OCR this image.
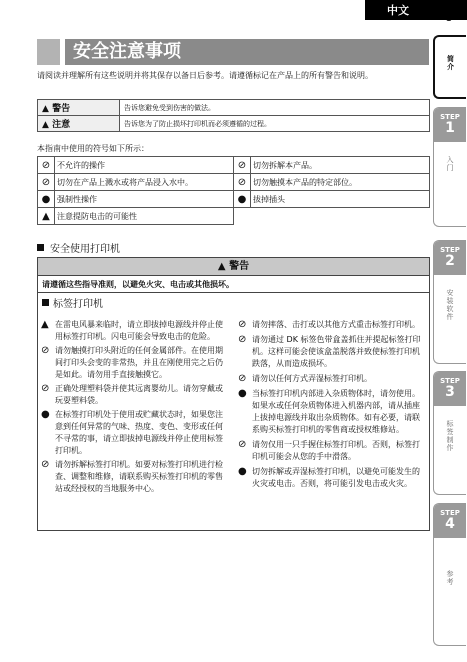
中文
3
简介
STEP
1
入门
STEP
2
安装软件
STEP
3
标签制作
STEP
4
参考
安全注意事项
请阅读并理解所有这些说明并将其保存以备日后参考。请遵循标记在产品上的所有警告和说明。
▲ 警告	告诉您避免受到伤害的做法。
▲ 注意	告诉您为了防止损坏打印机而必须遵循的过程。
本指南中使用的符号如下所示：
⊘	不允许的操作	⊘	切勿拆解本产品。
⊘	切勿在产品上溅水或将产品浸入水中。	⊘	切勿触摸本产品的特定部位。
●	强制性操作	●	拔掉插头
▲	注意提防电击的可能性		
安全使用打印机
▲ 警告
请遵循这些指导准则，以避免火灾、电击或其他损坏。
标签打印机
▲ 在雷电风暴来临时，请立即拔掉电源线并停止使用标签打印机。闪电可能会导致电击的危险。
⊘ 请勿触摸打印头附近的任何金属部件。在使用期间打印头会变的非常热，并且在刚使用完之后仍是如此。请勿用手直接触摸它。
⊘ 正确处理塑料袋并使其远离婴幼儿。请勿穿戴或玩耍塑料袋。
● 在标签打印机处于使用或贮藏状态时，如果您注意到任何异常的气味、热度、变色、变形或任何不寻常的事，请立即拔掉电源线并停止使用标签打印机。
⊘ 请勿拆解标签打印机。如要对标签打印机进行检查、调整和维修，请联系购买标签打印机的零售站或经授权的当地服务中心。
⊘ 请勿摔落、击打或以其他方式重击标签打印机。
⊘ 请勿通过 DK 标签色带盒盖抓住并提起标签打印机。这样可能会使该盒盖脱落并致使标签打印机跌落，从而造成损坏。
⊘ 请勿以任何方式弄湿标签打印机。
● 当标签打印机内部进入杂质物体时，请勿使用。如果水或任何杂质物体进入机器内部，请从插座上拔掉电源线并取出杂质物体。如有必要，请联系购买标签打印机的零售商或授权维修站。
⊘ 请勿仅用一只手握住标签打印机。否则，标签打印机可能会从您的手中滑落。
● 切勿拆解或弄湿标签打印机，以避免可能发生的火灾或电击。否则，将可能引发电击或火灾。
